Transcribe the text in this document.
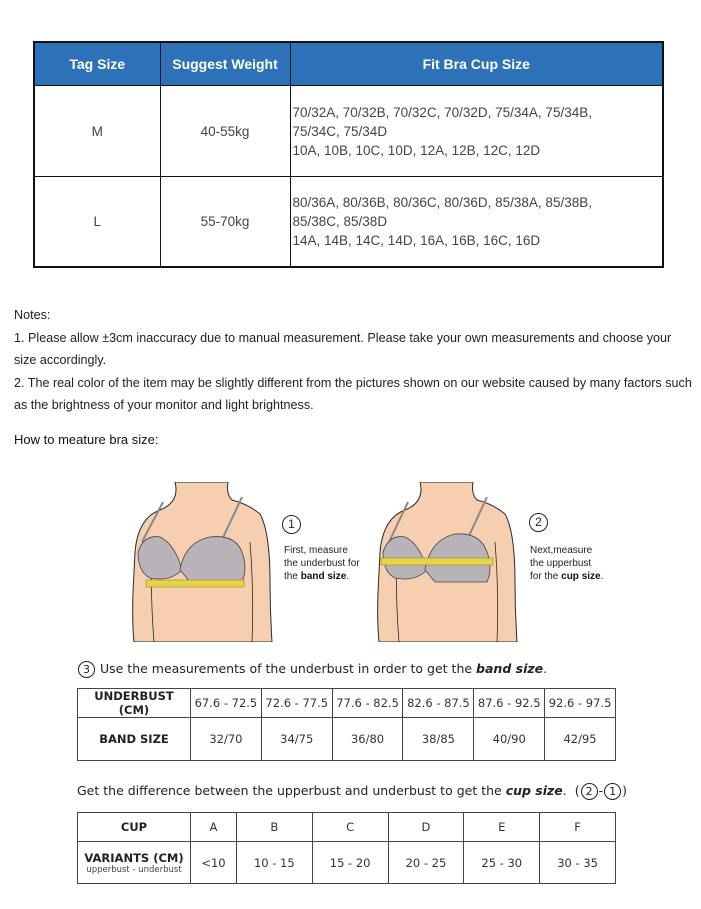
Tag Size	Suggest Weight	Fit Bra Cup Size
M	40-55kg	70/32A, 70/32B, 70/32C, 70/32D, 75/34A, 75/34B,
75/34C, 75/34D
10A, 10B, 10C, 10D, 12A, 12B, 12C, 12D

L	55-70kg	80/36A, 80/36B, 80/36C, 80/36D, 85/38A, 85/38B,
85/38C, 85/38D
14A, 14B, 14C, 14D, 16A, 16B, 16C, 16D
Notes:
1. Please allow ±3cm inaccuracy due to manual measurement. Please take your own measurements and choose your size accordingly.
2. The real color of the item may be slightly different from the pictures shown on our website caused by many factors such as the brightness of your monitor and light brightness.
How to meature bra size:
1
First, measure
the underbust for
the band size.
2
Next,measure
the upperbust
for the cup size.
3 Use the measurements of the underbust in order to get the band size.
UNDERBUST (CM)	67.6 - 72.5	72.6 - 77.5	77.6 - 82.5	82.6 - 87.5	87.6 - 92.5	92.6 - 97.5
BAND SIZE	32/70	34/75	36/80	38/85	40/90	42/95
Get the difference between the upperbust and underbust to get the cup size.  ( 2 - 1 )
CUP	A	B	C	D	E	F
VARIANTS (CM)
upperbust - underbust	<10	10 - 15	15 - 20	20 - 25	25 - 30	30 - 35
